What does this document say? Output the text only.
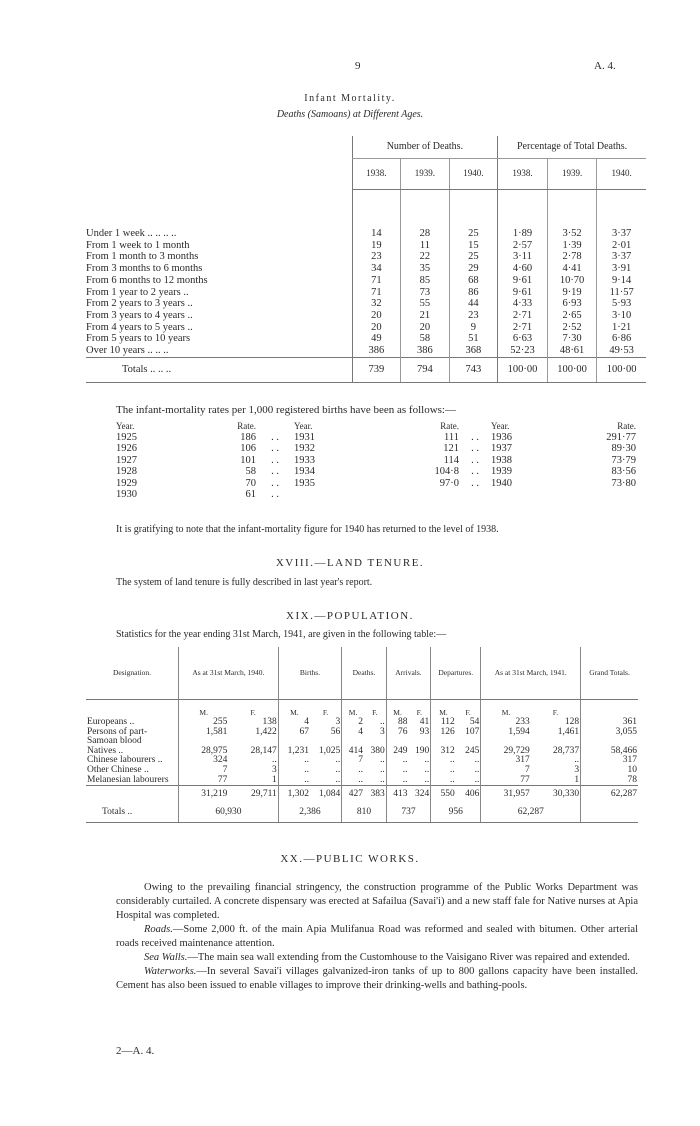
9	A. 4.
Infant Mortality.
Deaths (Samoans) at Different Ages.
	Number of Deaths.			Percentage of Total Deaths.		
	1938.	1939.	1940.	1938.	1939.	1940.

Under 1 week .. .. .. ..	14	28	25	1·89	3·52	3·37
From 1 week to 1 month	19	11	15	2·57	1·39	2·01
From 1 month to 3 months	23	22	25	3·11	2·78	3·37
From 3 months to 6 months	34	35	29	4·60	4·41	3·91
From 6 months to 12 months	71	85	68	9·61	10·70	9·14
From 1 year to 2 years ..	71	73	86	9·61	9·19	11·57
From 2 years to 3 years ..	32	55	44	4·33	6·93	5·93
From 3 years to 4 years ..	20	21	23	2·71	2·65	3·10
From 4 years to 5 years ..	20	20	9	2·71	2·52	1·21
From 5 years to 10 years	49	58	51	6·63	7·30	6·86
Over 10 years .. .. ..	386	386	368	52·23	48·61	49·53
Totals .. .. ..	739	794	743	100·00	100·00	100·00
The infant-mortality rates per 1,000 registered births have been as follows:—
Year.	Rate.		Year.	Rate.		Year.	Rate.
1925	186	. .	1931	111	. .	1936	291·77
1926	106	. .	1932	121	. .	1937	89·30
1927	101	. .	1933	114	. .	1938	73·79
1928	58	. .	1934	104·8	. .	1939	83·56
1929	70	. .	1935	97·0	. .	1940	73·80
1930	61	. .					
It is gratifying to note that the infant-mortality figure for 1940 has returned to the level of 1938.
XVIII.—LAND TENURE.
The system of land tenure is fully described in last year's report.
XIX.—POPULATION.
Statistics for the year ending 31st March, 1941, are given in the following table:—
Designation.	As at 31st March, 1940.		Births.		Deaths.		Arrivals.		Departures.		As at 31st March, 1941.		Grand Totals.
	M.	F.	M.	F.	M.	F.	M.	F.	M.	F.	M.	F.	
Europeans ..	255	138	4	3	2	..	88	41	112	54	233	128	361
Persons of part-	1,581	1,422	67	56	4	3	76	93	126	107	1,594	1,461	3,055
Samoan blood													
Natives ..	28,975	28,147	1,231	1,025	414	380	249	190	312	245	29,729	28,737	58,466
Chinese labourers ..	324	..	..	..	7	..	..	..	..	..	317	..	317
Other Chinese ..	7	3	..	..	..	..	..	..	..	..	7	3	10
Melanesian labourers	77	1	..	..	..	..	..	..	..	..	77	1	78
	31,219	29,711	1,302	1,084	427	383	413	324	550	406	31,957	30,330	62,287
Totals ..	60,930		2,386		810		737		956		62,287		
XX.—PUBLIC WORKS.

Owing to the prevailing financial stringency, the construction programme of the Public Works Department was considerably curtailed. A concrete dispensary was erected at Safailua (Savai'i) and a new staff fale for Native nurses at Apia Hospital was completed.

Roads.—Some 2,000 ft. of the main Apia Mulifanua Road was reformed and sealed with bitumen. Other arterial roads received maintenance attention.

Sea Walls.—The main sea wall extending from the Customhouse to the Vaisigano River was repaired and extended.

Waterworks.—In several Savai'i villages galvanized-iron tanks of up to 800 gallons capacity have been installed. Cement has also been issued to enable villages to improve their drinking-wells and bathing-pools.

2—A. 4.
